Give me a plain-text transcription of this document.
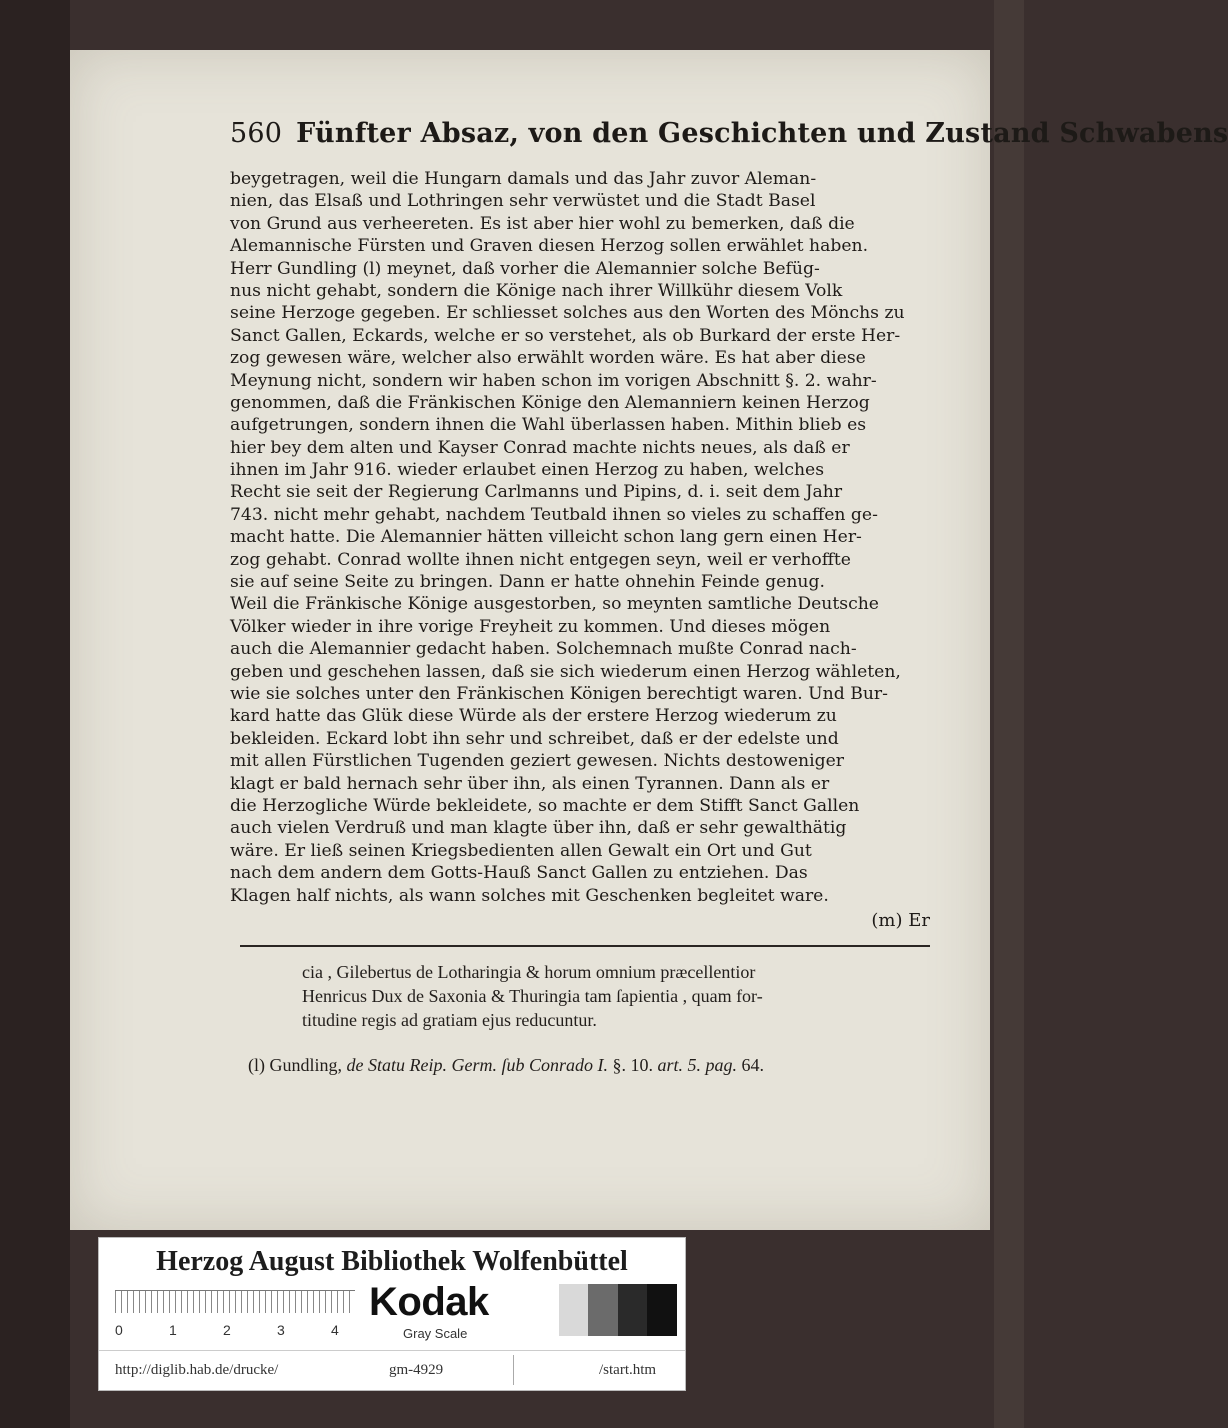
560 Fünfter Absaz, von den Geschichten und Zustand Schwabens
beygetragen, weil die Hungarn damals und das Jahr zuvor Aleman-
nien, das Elsaß und Lothringen sehr verwüstet und die Stadt Basel
von Grund aus verheereten. Es ist aber hier wohl zu bemerken, daß die
Alemannische Fürsten und Graven diesen Herzog sollen erwählet haben.
Herr Gundling (l) meynet, daß vorher die Alemannier solche Befüg-
nus nicht gehabt, sondern die Könige nach ihrer Willkühr diesem Volk
seine Herzoge gegeben. Er schliesset solches aus den Worten des Mönchs zu
Sanct Gallen, Eckards, welche er so verstehet, als ob Burkard der erste Her-
zog gewesen wäre, welcher also erwählt worden wäre. Es hat aber diese
Meynung nicht, sondern wir haben schon im vorigen Abschnitt §. 2. wahr-
genommen, daß die Fränkischen Könige den Alemanniern keinen Herzog
aufgetrungen, sondern ihnen die Wahl überlassen haben. Mithin blieb es
hier bey dem alten und Kayser Conrad machte nichts neues, als daß er
ihnen im Jahr 916. wieder erlaubet einen Herzog zu haben, welches
Recht sie seit der Regierung Carlmanns und Pipins, d. i. seit dem Jahr
743. nicht mehr gehabt, nachdem Teutbald ihnen so vieles zu schaffen ge-
macht hatte. Die Alemannier hätten villeicht schon lang gern einen Her-
zog gehabt. Conrad wollte ihnen nicht entgegen seyn, weil er verhoffte
sie auf seine Seite zu bringen. Dann er hatte ohnehin Feinde genug.
Weil die Fränkische Könige ausgestorben, so meynten samtliche Deutsche
Völker wieder in ihre vorige Freyheit zu kommen. Und dieses mögen
auch die Alemannier gedacht haben. Solchemnach mußte Conrad nach-
geben und geschehen lassen, daß sie sich wiederum einen Herzog wähleten,
wie sie solches unter den Fränkischen Königen berechtigt waren. Und Bur-
kard hatte das Glük diese Würde als der erstere Herzog wiederum zu
bekleiden. Eckard lobt ihn sehr und schreibet, daß er der edelste und
mit allen Fürstlichen Tugenden geziert gewesen. Nichts destoweniger
klagt er bald hernach sehr über ihn, als einen Tyrannen. Dann als er
die Herzogliche Würde bekleidete, so machte er dem Stifft Sanct Gallen
auch vielen Verdruß und man klagte über ihn, daß er sehr gewalthätig
wäre. Er ließ seinen Kriegsbedienten allen Gewalt ein Ort und Gut
nach dem andern dem Gotts-Hauß Sanct Gallen zu entziehen. Das
Klagen half nichts, als wann solches mit Geschenken begleitet ware.
(m) Er
cia , Gilebertus de Lotharingia & horum omnium præcellentior
Henricus Dux de Saxonia & Thuringia tam ſapientia , quam for-
titudine regis ad gratiam ejus reducuntur.
(l) Gundling, de Statu Reip. Germ. ſub Conrado I. §. 10. art. 5. pag. 64.
Herzog August Bibliothek Wolfenbüttel
0	1	2	3	4
Kodak
Gray Scale
http://diglib.hab.de/drucke/	gm-4929	/start.htm
